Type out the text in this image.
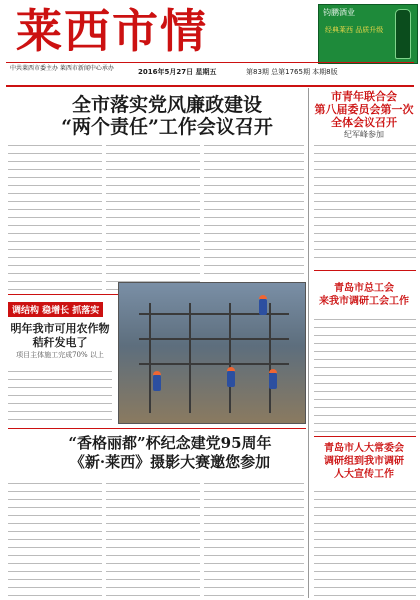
莱西市情	钧鹏酒业
经典莱西 品质升级
中共莱西市委主办 莱西市新闻中心承办	2016年5月27日 星期五	第83期 总第1765期 本期8版
全市落实党风廉政建设
“两个责任”工作会议召开
市青年联合会
第八届委员会第一次
全体会议召开
纪军峰参加
调结构 稳增长 抓落实
明年我市可用农作物
秸秆发电了
项目主体施工完成70% 以上
青岛市总工会
来我市调研工会工作
“香格丽都”杯纪念建党95周年
《新·莱西》摄影大赛邀您参加
青岛市人大常委会
调研组到我市调研
人大宣传工作
